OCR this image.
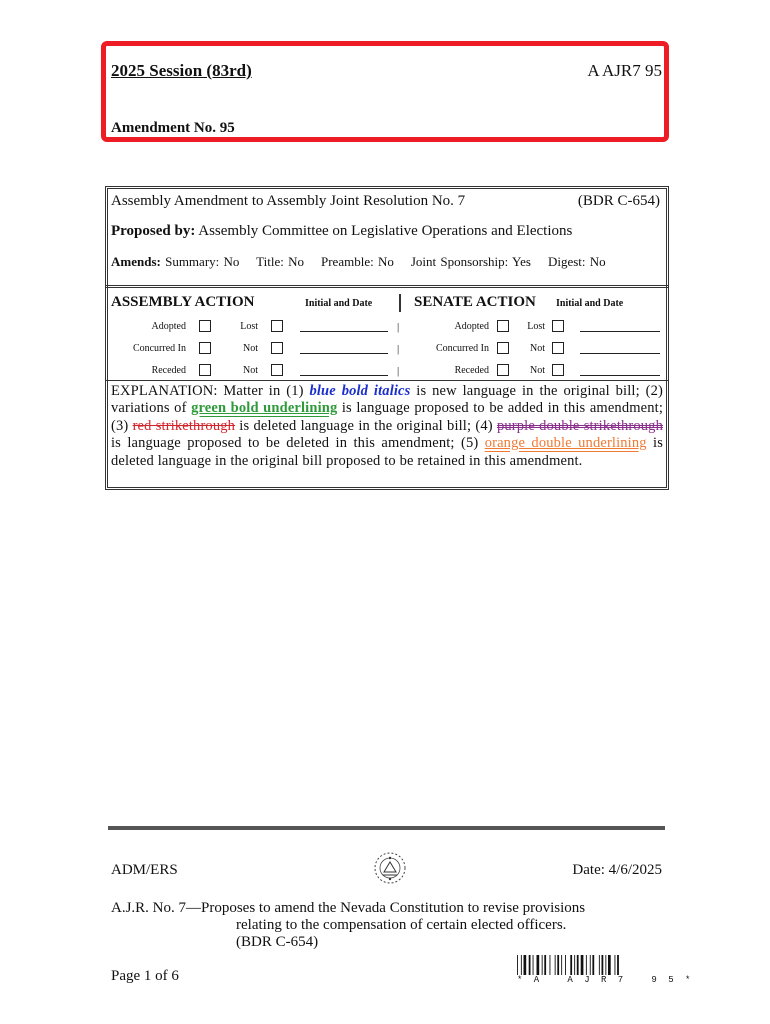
2025 Session (83rd)	A AJR7 95
Amendment No. 95
Assembly Amendment to Assembly Joint Resolution No. 7	(BDR C-654)
Proposed by: Assembly Committee on Legislative Operations and Elections
Amends: Summary: No    Title: No    Preamble: No    Joint Sponsorship: Yes    Digest: No
ASSEMBLY ACTION	Initial and Date	SENATE ACTION Initial and Date
Adopted	Lost	|	Adopted	Lost
Concurred In	Not	|	Concurred In	Not
Receded	Not	|	Receded	Not
EXPLANATION: Matter in (1) blue bold italics is new language in the original bill; (2) variations of green bold underlining is language proposed to be added in this amendment; (3) red strikethrough is deleted language in the original bill; (4) purple double strikethrough is language proposed to be deleted in this amendment; (5) orange double underlining is deleted language in the original bill proposed to be retained in this amendment.
ADM/ERS	Date: 4/6/2025
A.J.R. No. 7—Proposes to amend the Nevada Constitution to revise provisions
relating to the compensation of certain elected officers.
(BDR C-654)
Page 1 of 6	* A   A J R 7   9 5 *
